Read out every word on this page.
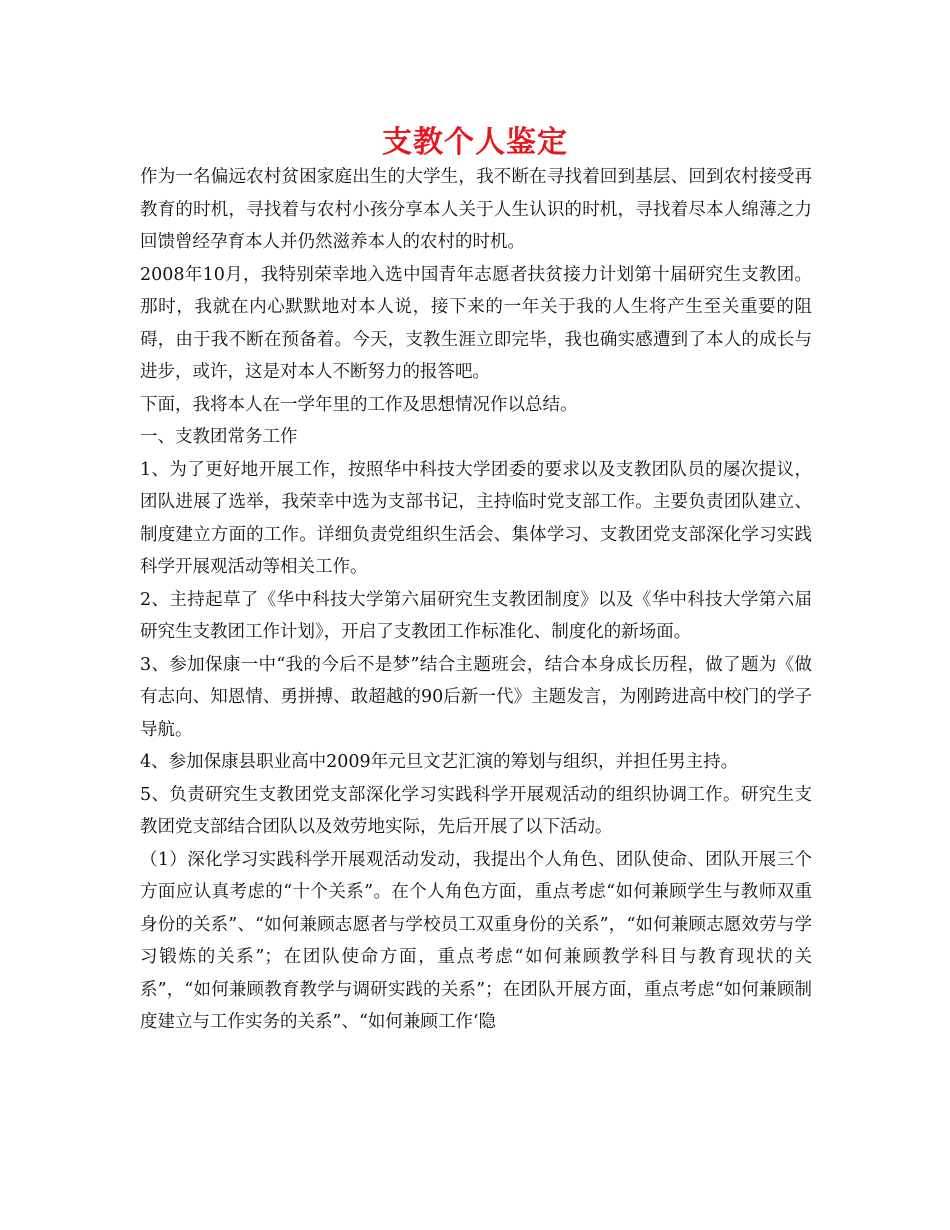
支教个人鉴定

作为一名偏远农村贫困家庭出生的大学生，我不断在寻找着回到基层、回到农村接受再教育的时机，寻找着与农村小孩分享本人关于人生认识的时机，寻找着尽本人绵薄之力回馈曾经孕育本人并仍然滋养本人的农村的时机。

2008年10月，我特别荣幸地入选中国青年志愿者扶贫接力计划第十届研究生支教团。那时，我就在内心默默地对本人说，接下来的一年关于我的人生将产生至关重要的阻碍，由于我不断在预备着。今天，支教生涯立即完毕，我也确实感遭到了本人的成长与进步，或许，这是对本人不断努力的报答吧。

下面，我将本人在一学年里的工作及思想情况作以总结。

一、支教团常务工作

1、为了更好地开展工作，按照华中科技大学团委的要求以及支教团队员的屡次提议，团队进展了选举，我荣幸中选为支部书记，主持临时党支部工作。主要负责团队建立、制度建立方面的工作。详细负责党组织生活会、集体学习、支教团党支部深化学习实践科学开展观活动等相关工作。

2、主持起草了《华中科技大学第六届研究生支教团制度》以及《华中科技大学第六届研究生支教团工作计划》，开启了支教团工作标准化、制度化的新场面。

3、参加保康一中“我的今后不是梦”结合主题班会，结合本身成长历程，做了题为《做有志向、知恩情、勇拼搏、敢超越的90后新一代》主题发言，为刚跨进高中校门的学子导航。

4、参加保康县职业高中2009年元旦文艺汇演的筹划与组织，并担任男主持。

5、负责研究生支教团党支部深化学习实践科学开展观活动的组织协调工作。研究生支教团党支部结合团队以及效劳地实际，先后开展了以下活动。

（1）深化学习实践科学开展观活动发动，我提出个人角色、团队使命、团队开展三个方面应认真考虑的“十个关系”。在个人角色方面，重点考虑“如何兼顾学生与教师双重身份的关系”、“如何兼顾志愿者与学校员工双重身份的关系”，“如何兼顾志愿效劳与学习锻炼的关系”；在团队使命方面，重点考虑“如何兼顾教学科目与教育现状的关系”，“如何兼顾教育教学与调研实践的关系”；在团队开展方面，重点考虑“如何兼顾制度建立与工作实务的关系”、“如何兼顾工作‘隐
